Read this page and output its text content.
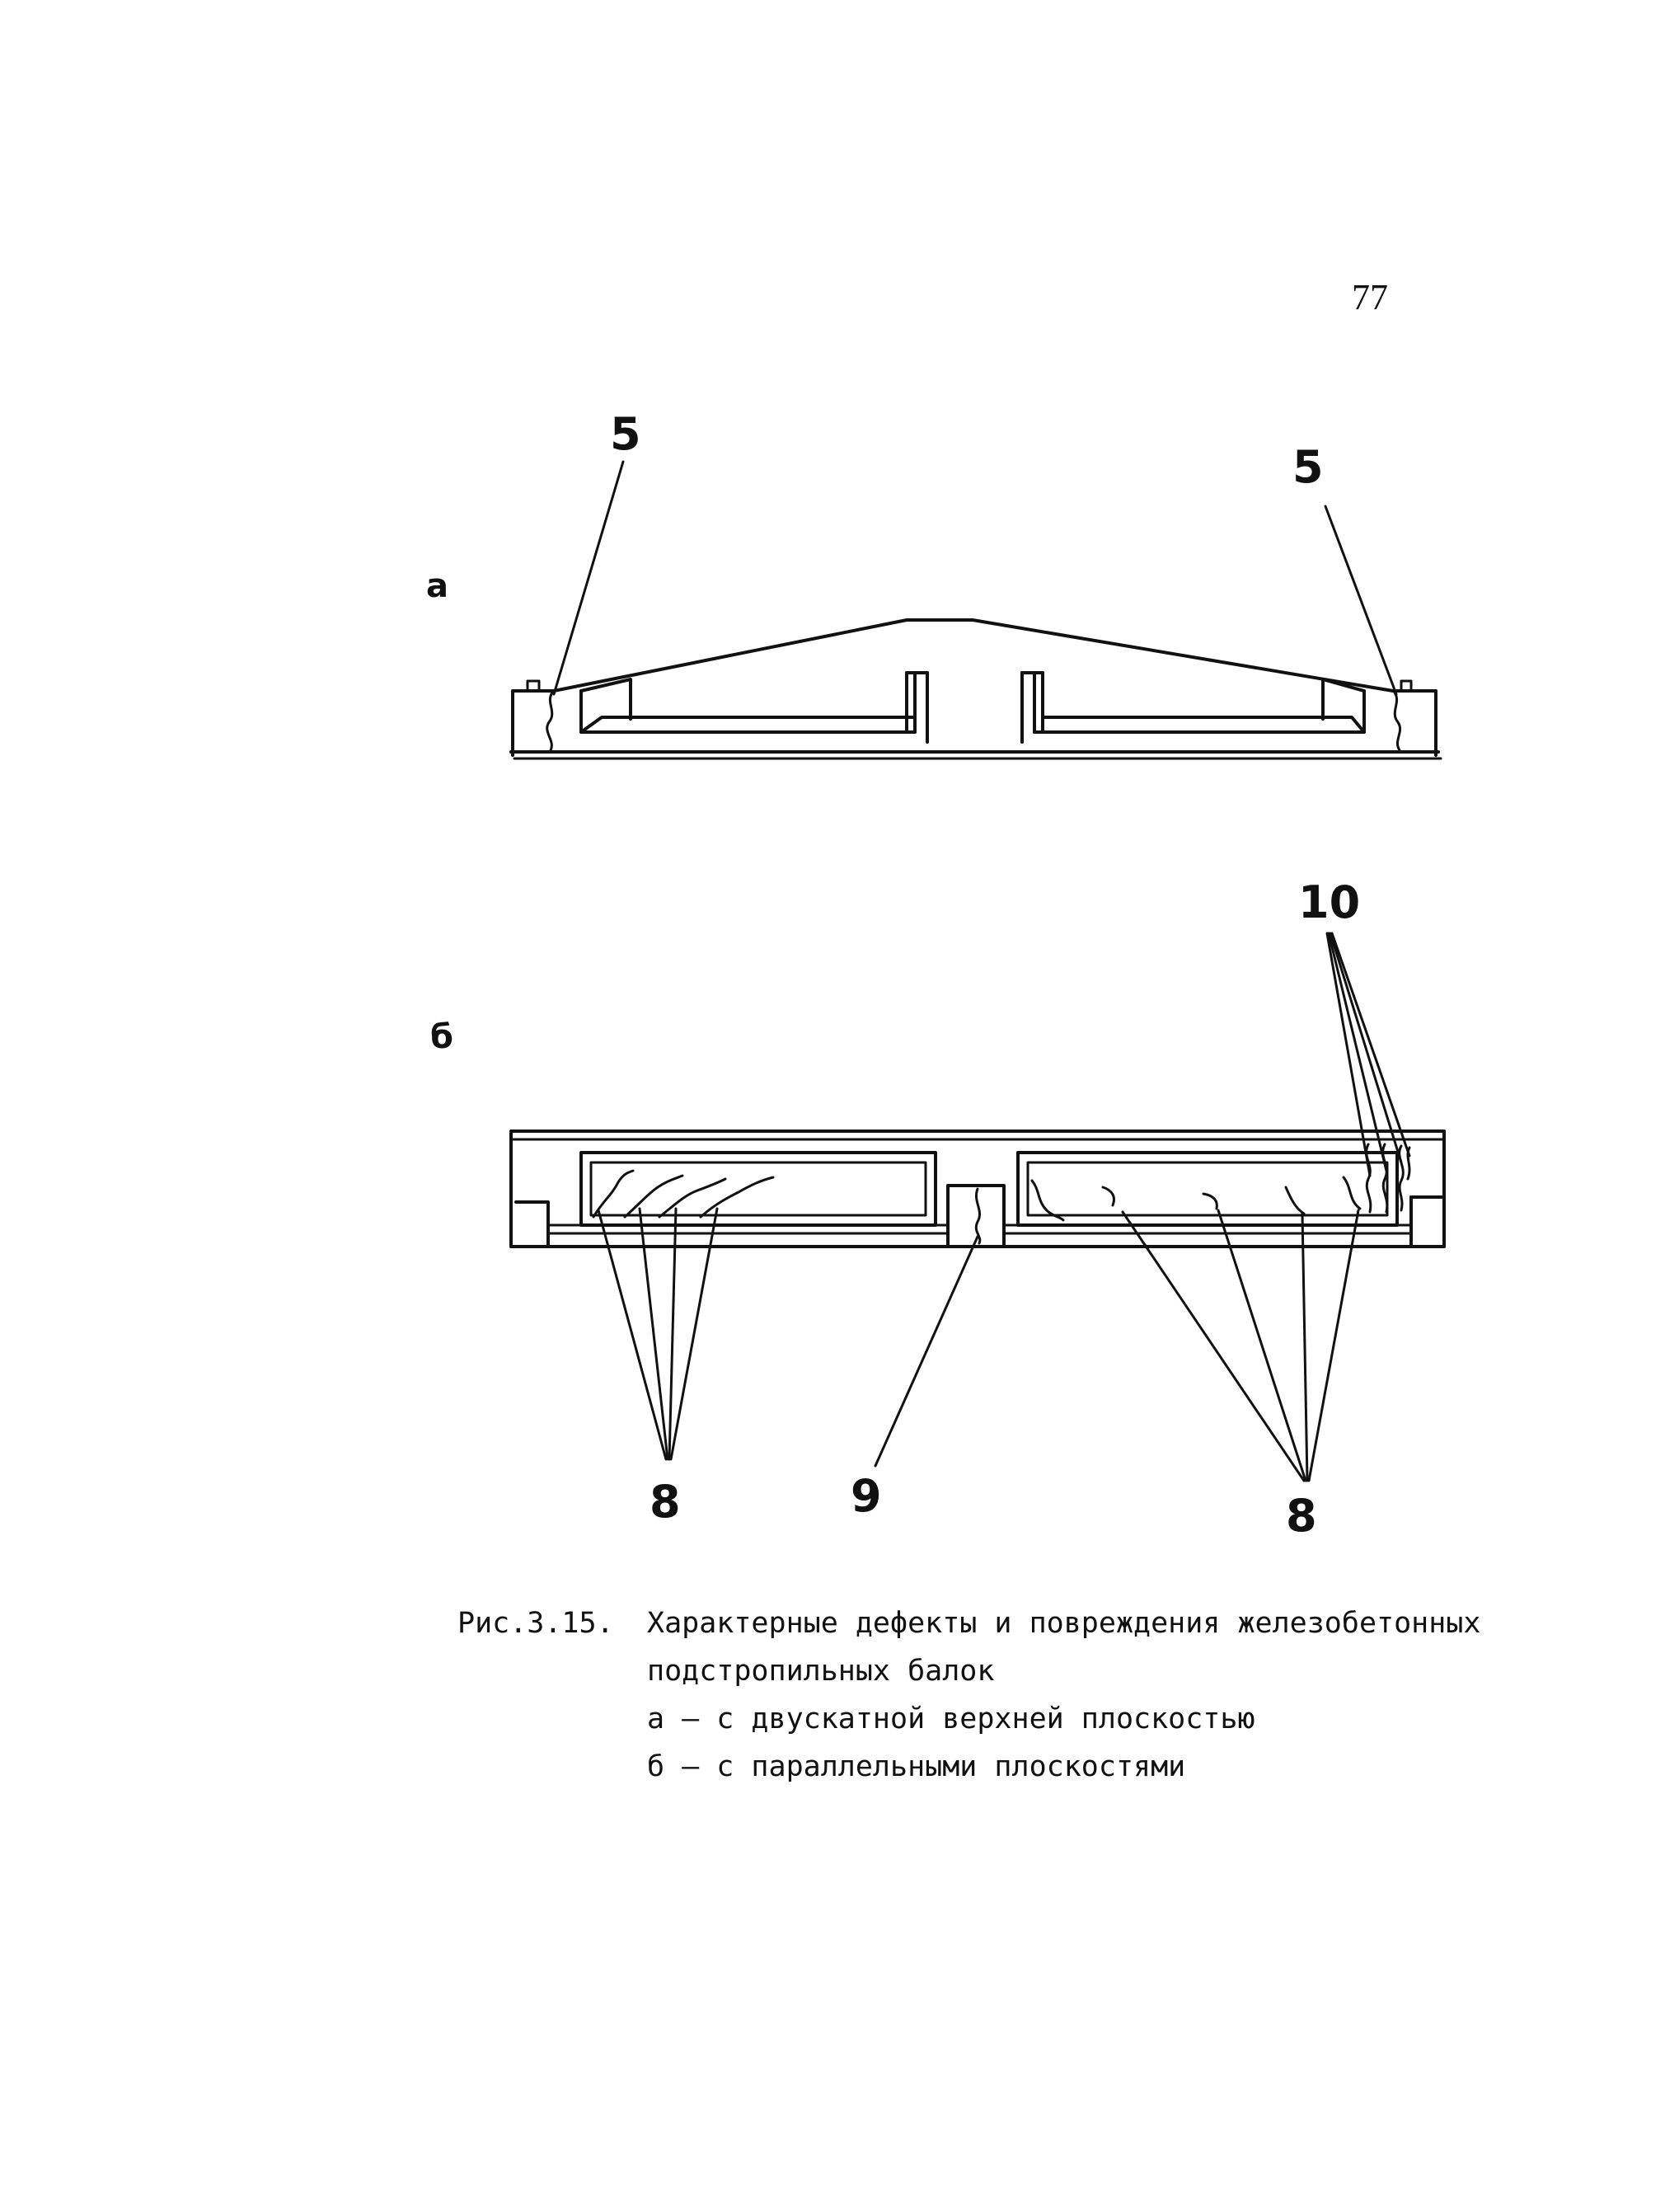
77
а
б
5
5
10
8	9	8
Рис.3.15. Характерные дефекты и повреждения железобетонных
подстропильных балок
а – с двускатной верхней плоскостью
б – с параллельными плоскостями
